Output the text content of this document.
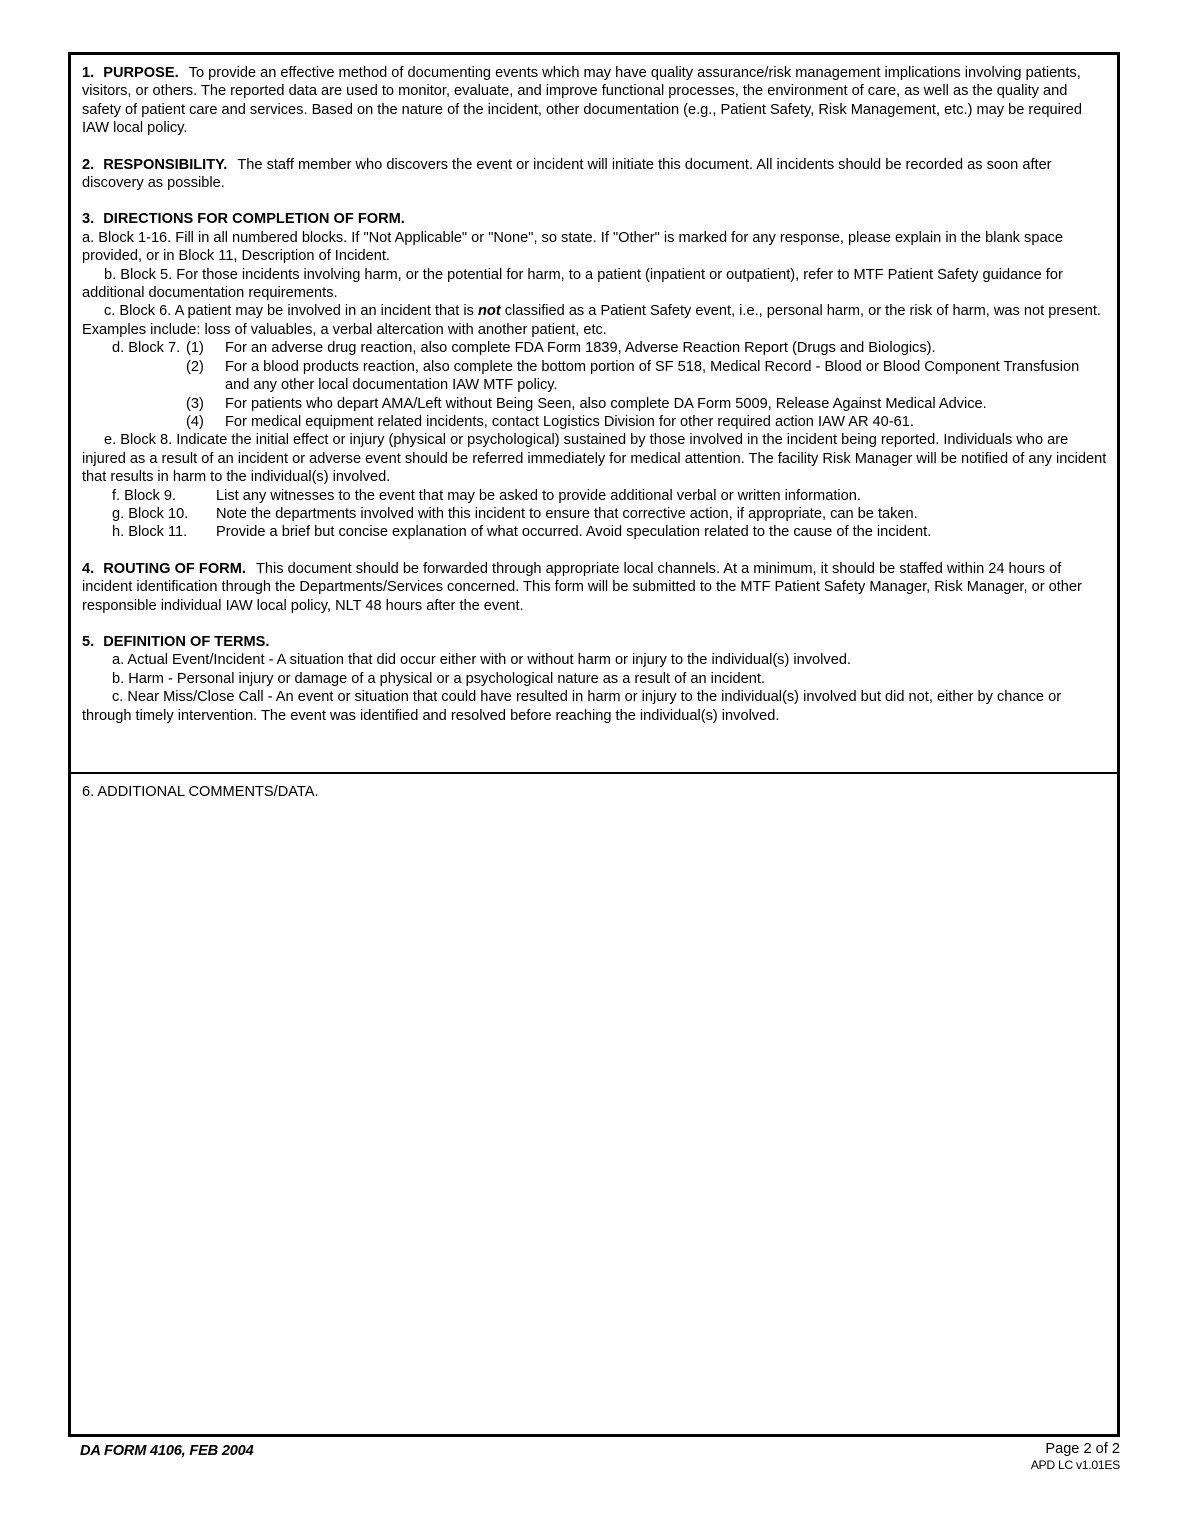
1. PURPOSE. To provide an effective method of documenting events which may have quality assurance/risk management implications involving patients, visitors, or others. The reported data are used to monitor, evaluate, and improve functional processes, the environment of care, as well as the quality and safety of patient care and services. Based on the nature of the incident, other documentation (e.g., Patient Safety, Risk Management, etc.) may be required IAW local policy.
2. RESPONSIBILITY. The staff member who discovers the event or incident will initiate this document. All incidents should be recorded as soon after discovery as possible.
3. DIRECTIONS FOR COMPLETION OF FORM.
a. Block 1-16. Fill in all numbered blocks. If "Not Applicable" or "None", so state. If "Other" is marked for any response, please explain in the blank space provided, or in Block 11, Description of Incident.
b. Block 5. For those incidents involving harm, or the potential for harm, to a patient (inpatient or outpatient), refer to MTF Patient Safety guidance for additional documentation requirements.
c. Block 6. A patient may be involved in an incident that is not classified as a Patient Safety event, i.e., personal harm, or the risk of harm, was not present. Examples include: loss of valuables, a verbal altercation with another patient, etc.
d. Block 7. (1)	For an adverse drug reaction, also complete FDA Form 1839, Adverse Reaction Report (Drugs and Biologics).
(2)	For a blood products reaction, also complete the bottom portion of SF 518, Medical Record - Blood or Blood Component Transfusion and any other local documentation IAW MTF policy.
(3)	For patients who depart AMA/Left without Being Seen, also complete DA Form 5009, Release Against Medical Advice.
(4)	For medical equipment related incidents, contact Logistics Division for other required action IAW AR 40-61.
e. Block 8. Indicate the initial effect or injury (physical or psychological) sustained by those involved in the incident being reported. Individuals who are injured as a result of an incident or adverse event should be referred immediately for medical attention. The facility Risk Manager will be notified of any incident that results in harm to the individual(s) involved.
f. Block 9.	List any witnesses to the event that may be asked to provide additional verbal or written information.
g. Block 10.	Note the departments involved with this incident to ensure that corrective action, if appropriate, can be taken.
h. Block 11.	Provide a brief but concise explanation of what occurred. Avoid speculation related to the cause of the incident.
4. ROUTING OF FORM. This document should be forwarded through appropriate local channels. At a minimum, it should be staffed within 24 hours of incident identification through the Departments/Services concerned. This form will be submitted to the MTF Patient Safety Manager, Risk Manager, or other responsible individual IAW local policy, NLT 48 hours after the event.
5. DEFINITION OF TERMS.
a. Actual Event/Incident - A situation that did occur either with or without harm or injury to the individual(s) involved.
b. Harm - Personal injury or damage of a physical or a psychological nature as a result of an incident.
c. Near Miss/Close Call - An event or situation that could have resulted in harm or injury to the individual(s) involved but did not, either by chance or through timely intervention. The event was identified and resolved before reaching the individual(s) involved.
6. ADDITIONAL COMMENTS/DATA.
DA FORM 4106, FEB 2004	Page 2 of 2
APD LC v1.01ES
